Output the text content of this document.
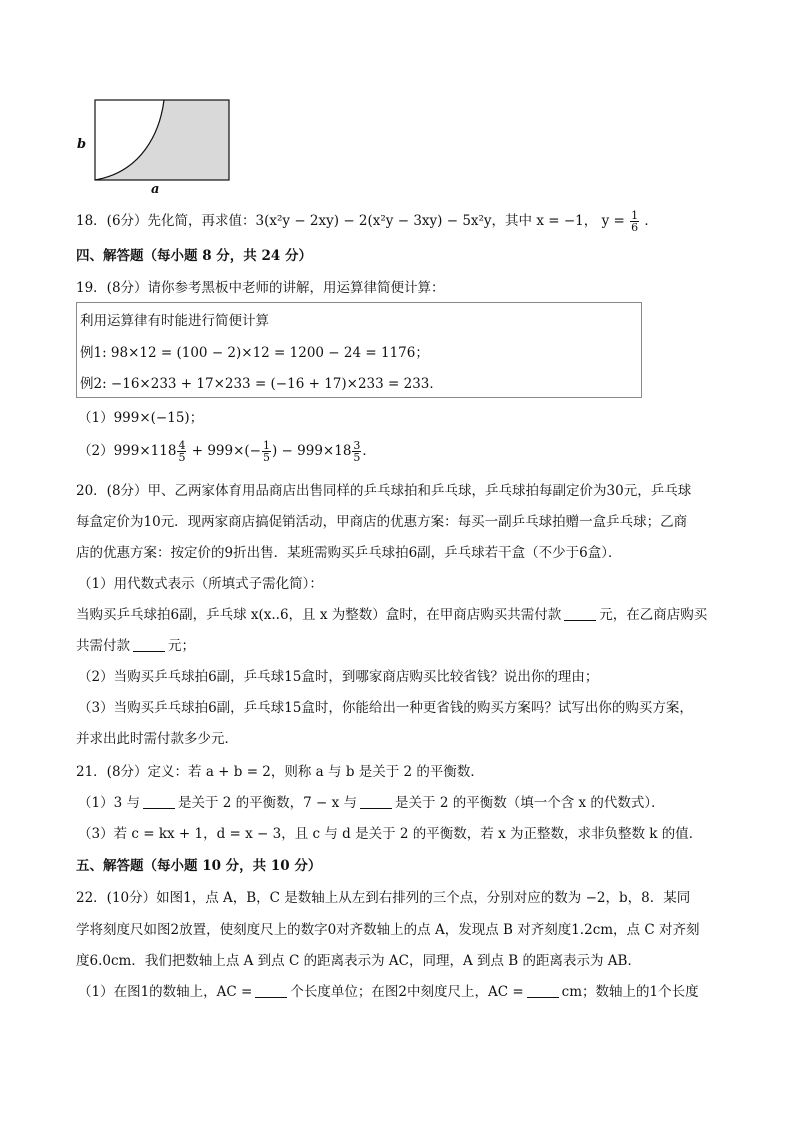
b
a
18．(6分）先化简，再求值：3(x²y − 2xy) − 2(x²y − 3xy) − 5x²y，其中 x = −1， $y = \frac{1}{6}$ ．
四、解答题（每小题 8 分，共 24 分）
19．(8分）请你参考黑板中老师的讲解，用运算律简便计算：
利用运算律有时能进行简便计算
例1: 98×12 = (100 − 2)×12 = 1200 − 24 = 1176；
例2: −16×233 + 17×233 = (−16 + 17)×233 = 233．
（1）999×(−15)；
$(2)999\times 118 \frac{4}{5} + 999\times(- \frac{1}{5}$ ) − $999\times 18 \frac{3}{5}$ ．
20．(8分）甲、乙两家体育用品商店出售同样的乒乓球拍和乒乓球，乒乓球拍每副定价为30元，乒乓球
每盒定价为10元．现两家商店搞促销活动，甲商店的优惠方案：每买一副乒乓球拍赠一盒乒乓球；乙商
店的优惠方案：按定价的9折出售．某班需购买乒乓球拍6副，乒乓球若干盒（不少于6盒）．
（1）用代数式表示（所填式子需化简）：
当购买乒乓球拍6副，乒乓球 x(x..6，且 x 为整数）盒时，在甲商店购买共需付款	元，在乙商店购买
共需付款	元；
（2）当购买乒乓球拍6副，乒乓球15盒时，到哪家商店购买比较省钱？说出你的理由；
（3）当购买乒乓球拍6副，乒乓球15盒时，你能给出一种更省钱的购买方案吗？试写出你的购买方案，
并求出此时需付款多少元．
21．(8分）定义：若 a + b = 2，则称 a 与 b 是关于 2 的平衡数．
（1）3 与	是关于 2 的平衡数，7 − x 与	是关于 2 的平衡数（填一个含 x 的代数式）．
（3）若 c = kx + 1，d = x − 3，且 c 与 d 是关于 2 的平衡数，若 x 为正整数，求非负整数 k 的值．
五、解答题（每小题 10 分，共 10 分）
22．(10分）如图1，点 A，B，C 是数轴上从左到右排列的三个点，分别对应的数为 −2，b，8．某同
学将刻度尺如图2放置，使刻度尺上的数字0对齐数轴上的点 A，发现点 B 对齐刻度1.2cm，点 C 对齐刻
度6.0cm．我们把数轴上点 A 到点 C 的距离表示为 AC，同理，A 到点 B 的距离表示为 AB．
（1）在图1的数轴上，AC =	个长度单位；在图2中刻度尺上，AC =	cm；数轴上的1个长度
